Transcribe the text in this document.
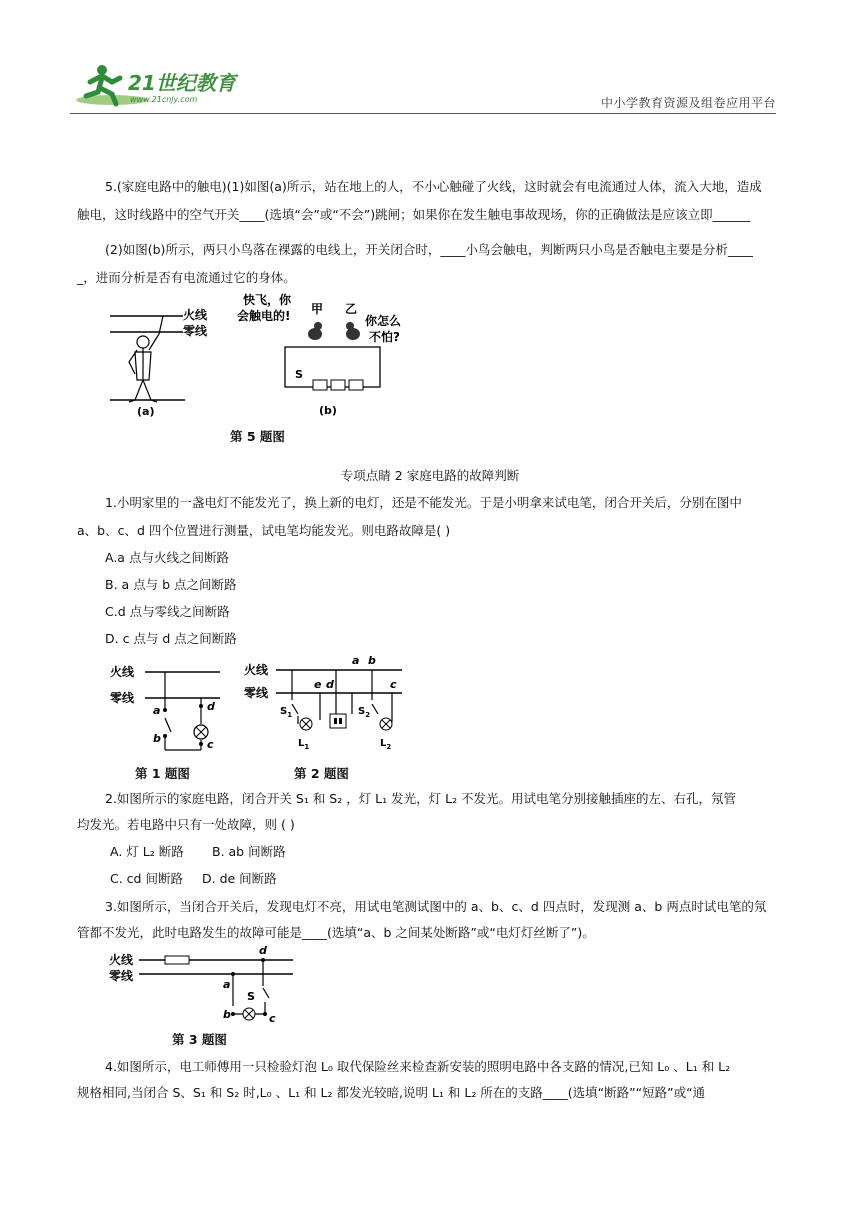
21世纪教育
www.21cnjy.com	中小学教育资源及组卷应用平台
5.(家庭电路中的触电)(1)如图(a)所示，站在地上的人，不小心触碰了火线，这时就会有电流通过人体，流入大地，造成
触电，这时线路中的空气开关____(选填“会”或“不会”)跳闸；如果你在发生触电事故现场，你的正确做法是应该立即______
(2)如图(b)所示，两只小鸟落在裸露的电线上，开关闭合时，____小鸟会触电，判断两只小鸟是否触电主要是分析____
_，进而分析是否有电流通过它的身体。
火线
零线
(a)
快飞，你
会触电的! 甲 乙
你怎么
不怕?
S
(b)
第 5 题图
专项点睛 2 家庭电路的故障判断
1.小明家里的一盏电灯不能发光了，换上新的电灯，还是不能发光。于是小明拿来试电笔，闭合开关后，分别在图中
a、b、c、d 四个位置进行测量，试电笔均能发光。则电路故障是( )
A.a 点与火线之间断路
B. a 点与 b 点之间断路
C.d 点与零线之间断路
D. c 点与 d 点之间断路
火线
零线
a
b	c
d
第 1 题图
火线
零线
a b
c
d
e
$S_1$	$S_2$
$L_1$	$L_2$
第 2 题图
2.如图所示的家庭电路，闭合开关 S₁ 和 S₂ ，灯 L₁ 发光，灯 L₂ 不发光。用试电笔分别接触插座的左、右孔，氖管
均发光。若电路中只有一处故障，则 ( )
A. 灯 L₂ 断路	B. ab 间断路
C. cd 间断路	D. de 间断路
3.如图所示，当闭合开关后，发现电灯不亮，用试电笔测试图中的 a、b、c、d 四点时，发现测 a、b 两点时试电笔的氖
管都不发光，此时电路发生的故障可能是____(选填“a、b 之间某处断路”或“电灯灯丝断了”)。
火线
零线
a
b	c
d
S
第 3 题图
4.如图所示，电工师傅用一只检验灯泡 L₀ 取代保险丝来检查新安装的照明电路中各支路的情况,已知 L₀ 、L₁ 和 L₂
规格相同,当闭合 S、S₁ 和 S₂ 时,L₀ 、L₁ 和 L₂ 都发光较暗,说明 L₁ 和 L₂ 所在的支路____(选填“断路”“短路”或“通
